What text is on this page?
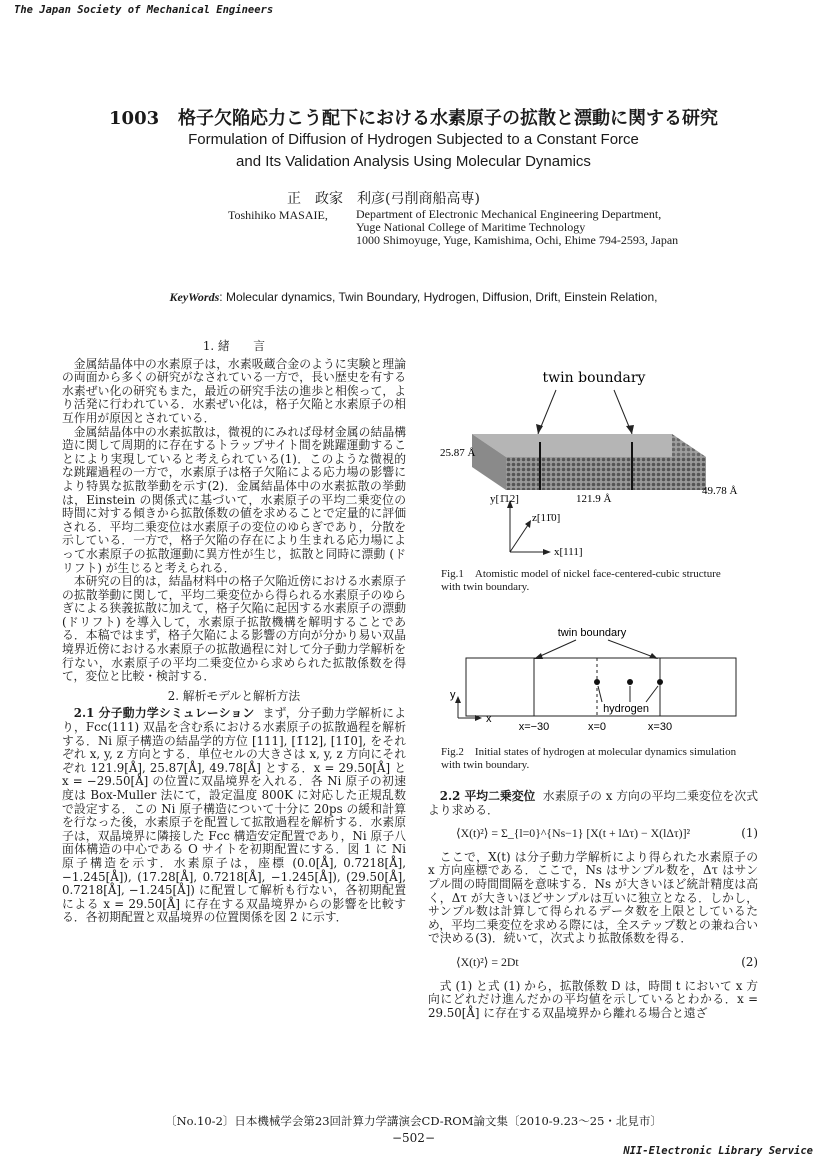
The Japan Society of Mechanical Engineers
NII-Electronic Library Service
1003 格子欠陥応力こう配下における水素原子の拡散と漂動に関する研究
Formulation of Diffusion of Hydrogen Subjected to a Constant Force
and Its Validation Analysis Using Molecular Dynamics
正　政家　利彦(弓削商船高専)
Toshihiko MASAIE, Department of Electronic Mechanical Engineering Department,
Yuge National College of Maritime Technology
1000 Shimoyuge, Yuge, Kamishima, Ochi, Ehime 794-2593, Japan
KeyWords: Molecular dynamics, Twin Boundary, Hydrogen, Diffusion, Drift, Einstein Relation,
1. 緒　　言

金属結晶体中の水素原子は，水素吸蔵合金のように実験と理論の両面から多くの研究がなされている一方で，長い歴史を有する水素ぜい化の研究もまた，最近の研究手法の進歩と相俟って，より活発に行われている．水素ぜい化は，格子欠陥と水素原子の相互作用が原因とされている．

金属結晶体中の水素拡散は，微視的にみれば母材金属の結晶構造に関して周期的に存在するトラップサイト間を跳躍運動することにより実現していると考えられている(1)．このような微視的な跳躍過程の一方で，水素原子は格子欠陥による応力場の影響により特異な拡散挙動を示す(2)．金属結晶体中の水素拡散の挙動は，Einstein の関係式に基づいて，水素原子の平均二乗変位の時間に対する傾きから拡散係数の値を求めることで定量的に評価される．平均二乗変位は水素原子の変位のゆらぎであり，分散を示している．一方で，格子欠陥の存在により生まれる応力場によって水素原子の拡散運動に異方性が生じ，拡散と同時に漂動 (ドリフト) が生じると考えられる．

本研究の目的は，結晶材料中の格子欠陥近傍における水素原子の拡散挙動に関して，平均二乗変位から得られる水素原子のゆらぎによる狭義拡散に加えて，格子欠陥に起因する水素原子の漂動 (ドリフト) を導入して，水素原子拡散機構を解明することである．本稿ではまず，格子欠陥による影響の方向が分かり易い双晶境界近傍における水素原子の拡散過程に対して分子動力学解析を行ない，水素原子の平均二乗変位から求められた拡散係数を得て，変位と比較・検討する．

2. 解析モデルと解析方法

2.1 分子動力学シミュレーション まず，分子動力学解析により，Fcc(111) 双晶を含む系における水素原子の拡散過程を解析する．Ni 原子構造の結晶学的方位 [111], [1̄12], [11̄0], をそれぞれ x, y, z 方向とする．単位セルの大きさは x, y, z 方向にそれぞれ 121.9[Å], 25.87[Å], 49.78[Å] とする．x = 29.50[Å] と x = −29.50[Å] の位置に双晶境界を入れる．各 Ni 原子の初速度は Box-Muller 法にて，設定温度 800K に対応した正規乱数で設定する．この Ni 原子構造について十分に 20ps の緩和計算を行なった後，水素原子を配置して拡散過程を解析する．水素原子は，双晶境界に隣接した Fcc 構造安定配置であり，Ni 原子八面体構造の中心である O サイトを初期配置にする．図 1 に Ni 原子構造を示す．水素原子は，座標 (0.0[Å], 0.7218[Å], −1.245[Å]), (17.28[Å], 0.7218[Å], −1.245[Å]), (29.50[Å], 0.7218[Å], −1.245[Å]) に配置して解析も行ない，各初期配置による x = 29.50[Å] に存在する双晶境界からの影響を比較する．各初期配置と双晶境界の位置関係を図 2 に示す．

twin boundary
25.87 Å
121.9 Å
49.78 Å
y[1̄12]
z[11̄0]
x[111]
Fig.1　Atomistic model of nickel face-centered-cubic structure with twin boundary.
twin boundary
hydrogen
x=−30	x=0	x=30
y
x
Fig.2　Initial states of hydrogen at molecular dynamics simulation with twin boundary.

2.2 平均二乗変位 水素原子の x 方向の平均二乗変位を次式より求める．

⟨X(t)²⟩ = Σ_{l=0}^{Ns−1} [X(t + lΔτ) − X(lΔτ)]²	(1)

ここで，X(t) は分子動力学解析により得られた水素原子の x 方向座標である．ここで，Ns はサンプル数を，Δτ はサンプル間の時間間隔を意味する．Ns が大きいほど統計精度は高く，Δτ が大きいほどサンプルは互いに独立となる．しかし，サンプル数は計算して得られるデータ数を上限としているため，平均二乗変位を求める際には，全ステップ数との兼ね合いで決める(3)．続いて，次式より拡散係数を得る．

⟨X(t)²⟩ = 2Dt	(2)

式 (1) と式 (1) から，拡散係数 D は，時間 t において x 方向にどれだけ進んだかの平均値を示しているとわかる．x = 29.50[Å] に存在する双晶境界から離れる場合と遠ざ

〔No.10-2〕日本機械学会第23回計算力学講演会CD-ROM論文集〔2010-9.23〜25・北見市〕
−502−
